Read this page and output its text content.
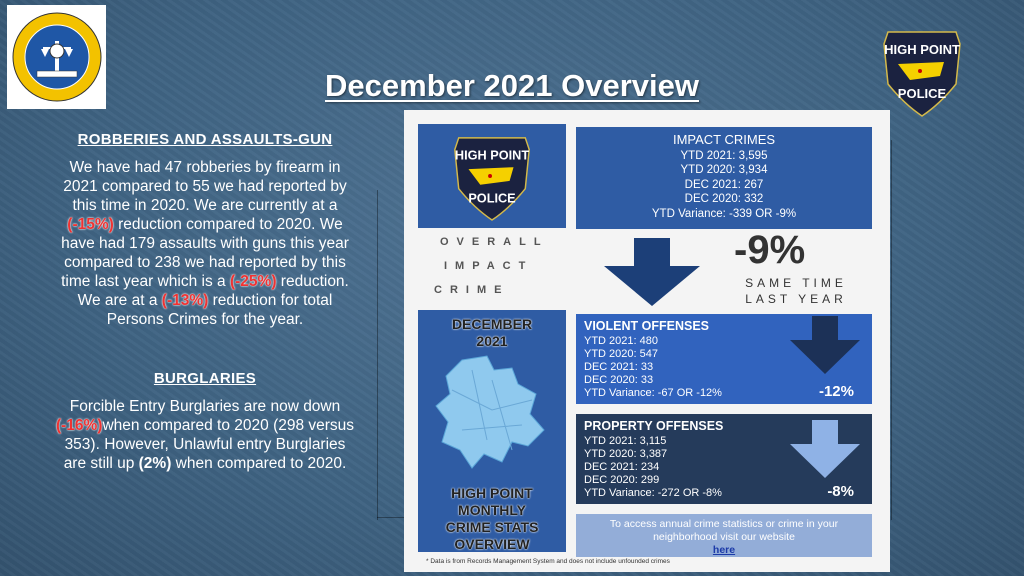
HIGH POINT
POLICE
December 2021 Overview
ROBBERIES AND ASSAULTS-GUN
We have had 47 robberies by firearm in 2021 compared to 55 we had reported by this time in 2020. We are currently at a (-15%) reduction compared to 2020. We have had 179 assaults with guns this year compared to 238 we had reported by this time last year which is a (-25%) reduction. We are at a (-13%) reduction for total Persons Crimes for the year.
BURGLARIES
Forcible Entry Burglaries are now down (-16%)when compared to 2020 (298 versus 353). However, Unlawful entry Burglaries are still up (2%) when compared to 2020.
HIGH POINT
POLICE
OVERALL
IMPACT
CRIME
IMPACT CRIMES
YTD 2021: 3,595
YTD 2020: 3,934
DEC 2021: 267
DEC 2020: 332
YTD Variance: -339 OR -9%
-9%
SAME TIME
LAST YEAR
DECEMBER
2021
HIGH POINT
MONTHLY
CRIME STATS
OVERVIEW
VIOLENT OFFENSES
YTD 2021: 480
YTD 2020: 547
DEC 2021: 33
DEC 2020: 33
YTD Variance: -67 OR -12%	-12%
PROPERTY OFFENSES
YTD 2021: 3,115
YTD 2020: 3,387
DEC 2021: 234
DEC 2020: 299
YTD Variance: -272 OR -8%	-8%
To access annual crime statistics or crime in your
neighborhood visit our website
here
* Data is from Records Management System and does not include unfounded crimes
